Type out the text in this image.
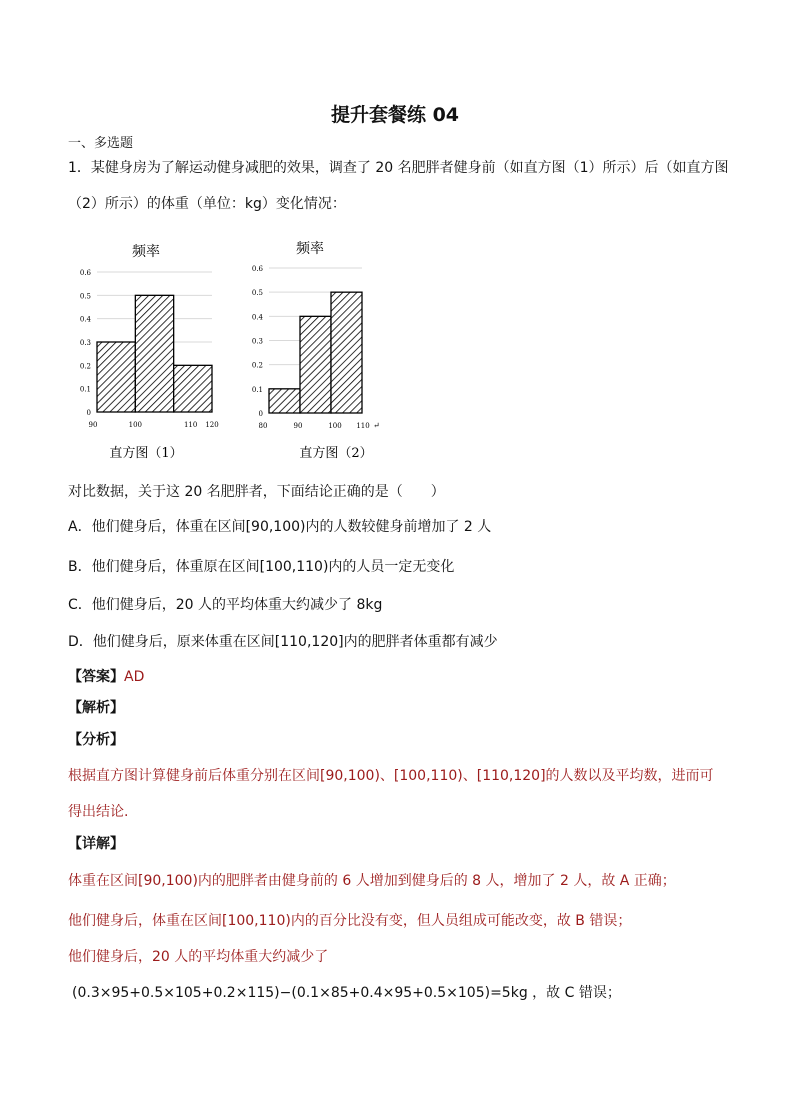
提升套餐练 04
一、多选题
1．某健身房为了解运动健身减肥的效果，调查了 20 名肥胖者健身前（如直方图（1）所示）后（如直方图
（2）所示）的体重（单位：kg）变化情况：
频率
0
0.1
0.2
0.3
0.4
0.5
0.6
90	100	110 120
直方图（1）
频率
0
0.1
0.2
0.3
0.4
0.5
0.6
80	90	100 110 ↵
直方图（2）
对比数据，关于这 20 名肥胖者，下面结论正确的是（　　）
A．他们健身后，体重在区间[90,100)内的人数较健身前增加了 2 人
B．他们健身后，体重原在区间[100,110)内的人员一定无变化
C．他们健身后，20 人的平均体重大约减少了 8kg
D．他们健身后，原来体重在区间[110,120]内的肥胖者体重都有减少
【答案】AD
【解析】
【分析】
根据直方图计算健身前后体重分别在区间[90,100)、[100,110)、[110,120]的人数以及平均数，进而可
得出结论.
【详解】
体重在区间[90,100)内的肥胖者由健身前的 6 人增加到健身后的 8 人，增加了 2 人，故 A 正确；
他们健身后，体重在区间[100,110)内的百分比没有变，但人员组成可能改变，故 B 错误；
他们健身后，20 人的平均体重大约减少了
(0.3×95+0.5×105+0.2×115)−(0.1×85+0.4×95+0.5×105)=5kg ，故 C 错误；
